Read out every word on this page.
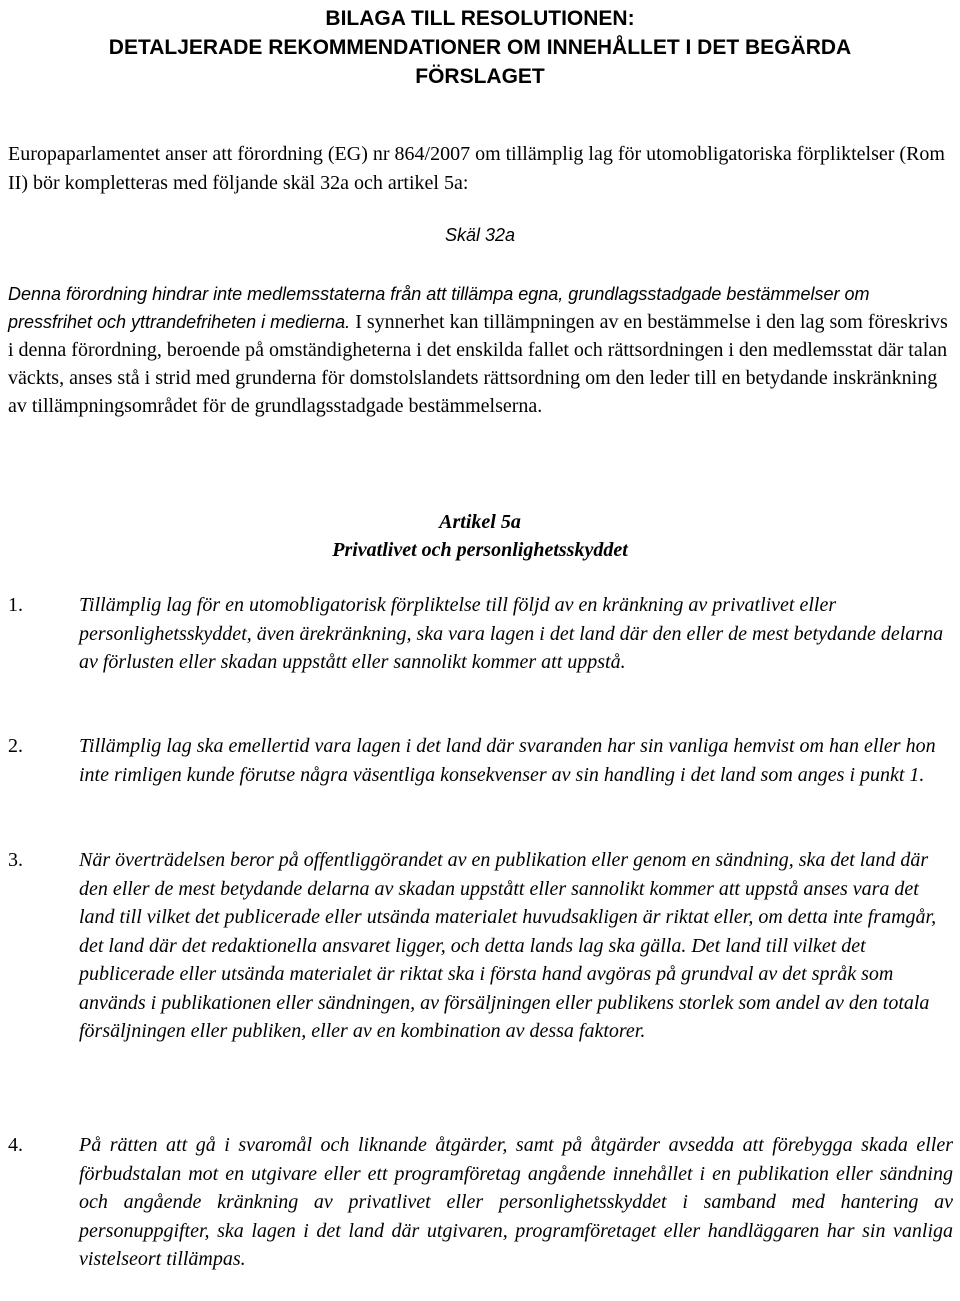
BILAGA TILL RESOLUTIONEN:
DETALJERADE REKOMMENDATIONER OM INNEHÅLLET I DET BEGÄRDA
FÖRSLAGET

Europaparlamentet anser att förordning (EG) nr 864/2007 om tillämplig lag för utomobligatoriska förpliktelser (Rom II) bör kompletteras med följande skäl 32a och artikel 5a:

Skäl 32a

Denna förordning hindrar inte medlemsstaterna från att tillämpa egna, grundlagsstadgade bestämmelser om pressfrihet och yttrandefriheten i medierna. I synnerhet kan tillämpningen av en bestämmelse i den lag som föreskrivs i denna förordning, beroende på omständigheterna i det enskilda fallet och rättsordningen i den medlemsstat där talan väckts, anses stå i strid med grunderna för domstolslandets rättsordning om den leder till en betydande inskränkning av tillämpningsområdet för de grundlagsstadgade bestämmelserna.

Artikel 5a
Privatlivet och personlighetsskyddet
1.	Tillämplig lag för en utomobligatorisk förpliktelse till följd av en kränkning av privatlivet eller personlighetsskyddet, även ärekränkning, ska vara lagen i det land där den eller de mest betydande delarna av förlusten eller skadan uppstått eller sannolikt kommer att uppstå.
2.	Tillämplig lag ska emellertid vara lagen i det land där svaranden har sin vanliga hemvist om han eller hon inte rimligen kunde förutse några väsentliga konsekvenser av sin handling i det land som anges i punkt 1.
3.	När överträdelsen beror på offentliggörandet av en publikation eller genom en sändning, ska det land där den eller de mest betydande delarna av skadan uppstått eller sannolikt kommer att uppstå anses vara det land till vilket det publicerade eller utsända materialet huvudsakligen är riktat eller, om detta inte framgår, det land där det redaktionella ansvaret ligger, och detta lands lag ska gälla. Det land till vilket det publicerade eller utsända materialet är riktat ska i första hand avgöras på grundval av det språk som används i publikationen eller sändningen, av försäljningen eller publikens storlek som andel av den totala försäljningen eller publiken, eller av en kombination av dessa faktorer.
4.	På rätten att gå i svaromål och liknande åtgärder, samt på åtgärder avsedda att förebygga skada eller förbudstalan mot en utgivare eller ett programföretag angående innehållet i en publikation eller sändning och angående kränkning av privatlivet eller personlighetsskyddet i samband med hantering av personuppgifter, ska lagen i det land där utgivaren, programföretaget eller handläggaren har sin vanliga vistelseort tillämpas.
